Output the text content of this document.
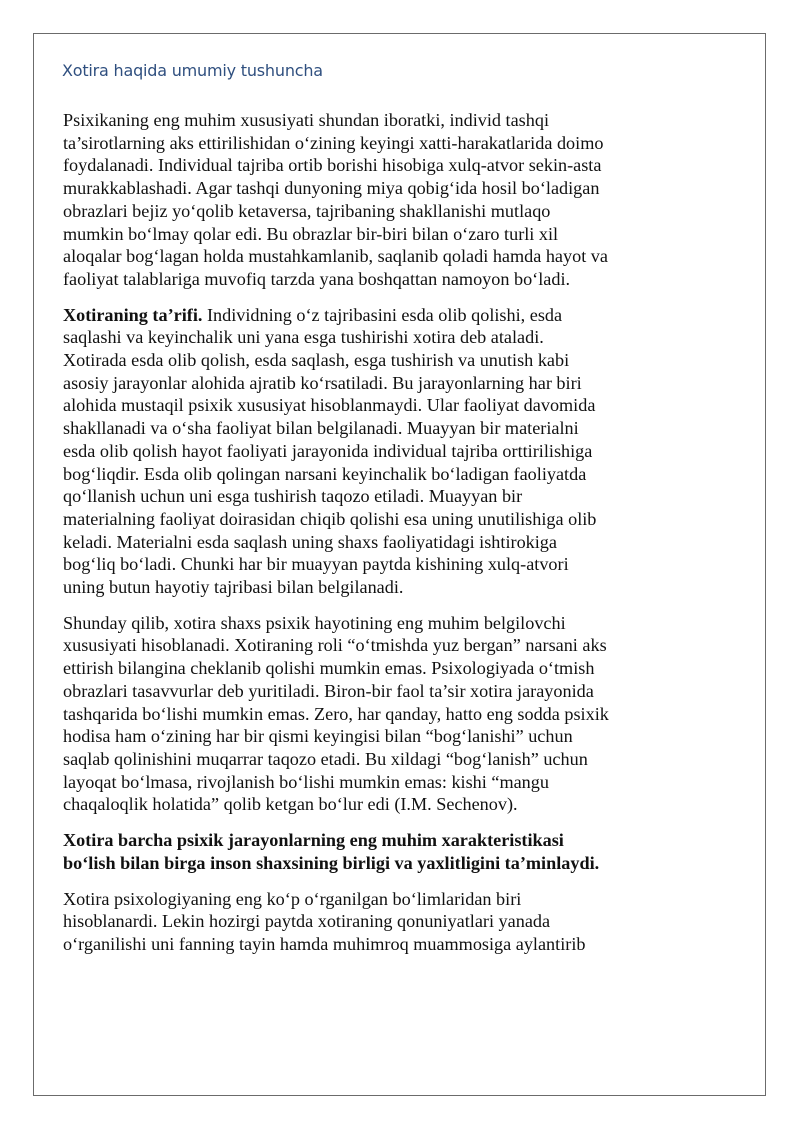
Xotira haqida umumiy tushuncha

Psixikaning eng muhim xususiyati shundan iboratki, individ tashqi
ta’sirotlarning aks ettirilishidan o‘zining keyingi xatti-harakatlarida doimo
foydalanadi. Individual tajriba ortib borishi hisobiga xulq-atvor sekin-asta
murakkablashadi. Agar tashqi dunyoning miya qobig‘ida hosil bo‘ladigan
obrazlari bejiz yo‘qolib ketaversa, tajribaning shakllanishi mutlaqo
mumkin bo‘lmay qolar edi. Bu obrazlar bir-biri bilan o‘zaro turli xil
aloqalar bog‘lagan holda mustahkamlanib, saqlanib qoladi hamda hayot va
faoliyat talablariga muvofiq tarzda yana boshqattan namoyon bo‘ladi.

Xotiraning ta’rifi. Individning o‘z tajribasini esda olib qolishi, esda
saqlashi va keyinchalik uni yana esga tushirishi xotira deb ataladi.
Xotirada esda olib qolish, esda saqlash, esga tushirish va unutish kabi
asosiy jarayonlar alohida ajratib ko‘rsatiladi. Bu jarayonlarning har biri
alohida mustaqil psixik xususiyat hisoblanmaydi. Ular faoliyat davomida
shakllanadi va o‘sha faoliyat bilan belgilanadi. Muayyan bir materialni
esda olib qolish hayot faoliyati jarayonida individual tajriba orttirilishiga
bog‘liqdir. Esda olib qolingan narsani keyinchalik bo‘ladigan faoliyatda
qo‘llanish uchun uni esga tushirish taqozo etiladi. Muayyan bir
materialning faoliyat doirasidan chiqib qolishi esa uning unutilishiga olib
keladi. Materialni esda saqlash uning shaxs faoliyatidagi ishtirokiga
bog‘liq bo‘ladi. Chunki har bir muayyan paytda kishining xulq-atvori
uning butun hayotiy tajribasi bilan belgilanadi.

Shunday qilib, xotira shaxs psixik hayotining eng muhim belgilovchi
xususiyati hisoblanadi. Xotiraning roli “o‘tmishda yuz bergan” narsani aks
ettirish bilangina cheklanib qolishi mumkin emas. Psixologiyada o‘tmish
obrazlari tasavvurlar deb yuritiladi. Biron-bir faol ta’sir xotira jarayonida
tashqarida bo‘lishi mumkin emas. Zero, har qanday, hatto eng sodda psixik
hodisa ham o‘zining har bir qismi keyingisi bilan “bog‘lanishi” uchun
saqlab qolinishini muqarrar taqozo etadi. Bu xildagi “bog‘lanish” uchun
layoqat bo‘lmasa, rivojlanish bo‘lishi mumkin emas: kishi “mangu
chaqaloqlik holatida” qolib ketgan bo‘lur edi (I.M. Sechenov).

Xotira barcha psixik jarayonlarning eng muhim xarakteristikasi
bo‘lish bilan birga inson shaxsining birligi va yaxlitligini ta’minlaydi.

Xotira psixologiyaning eng ko‘p o‘rganilgan bo‘limlaridan biri
hisoblanardi. Lekin hozirgi paytda xotiraning qonuniyatlari yanada
o‘rganilishi uni fanning tayin hamda muhimroq muammosiga aylantirib
